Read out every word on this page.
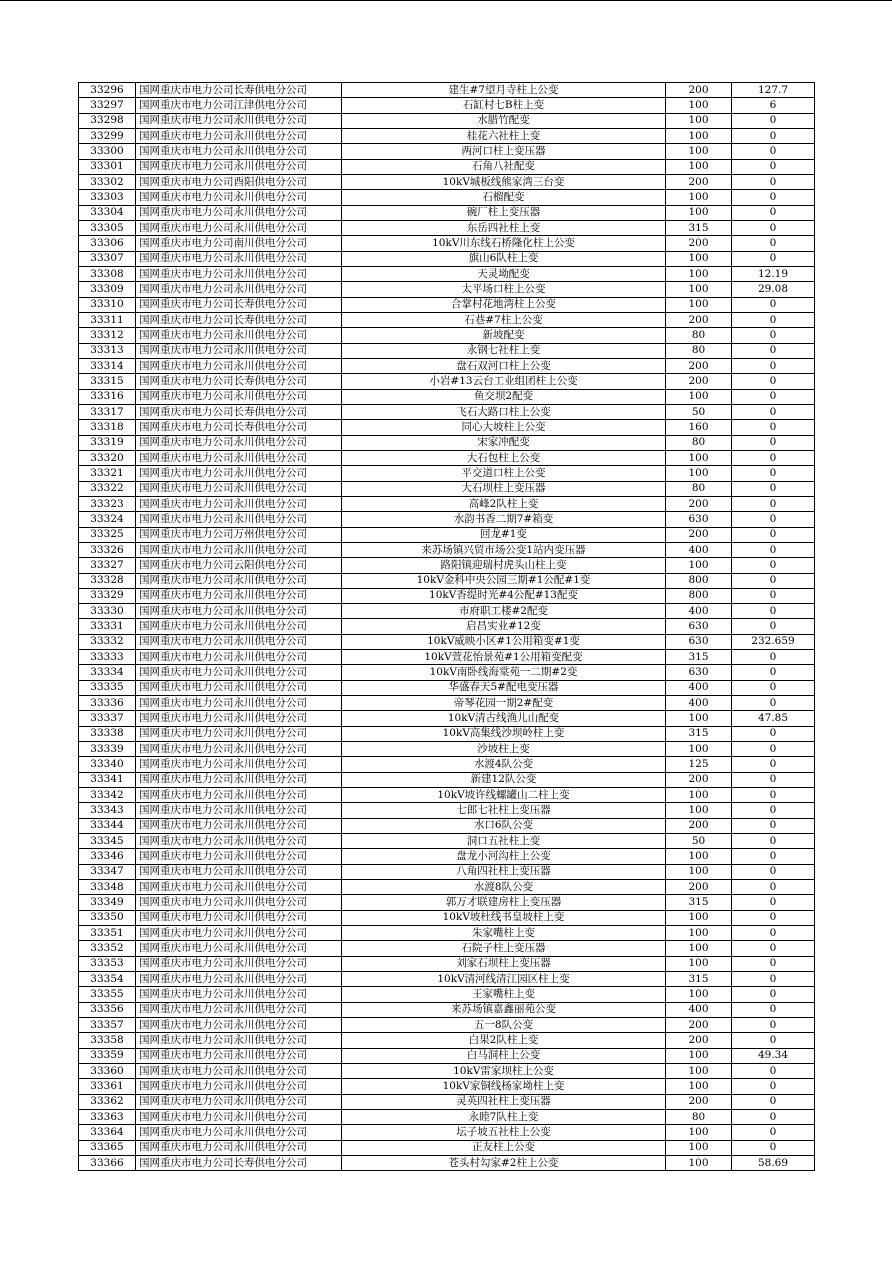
33296	国网重庆市电力公司长寿供电分公司	建生#7望月寺柱上公变	200	127.7
33297	国网重庆市电力公司江津供电分公司	石缸村七B柱上变	100	6
33298	国网重庆市电力公司永川供电分公司	水腊竹配变	100	0
33299	国网重庆市电力公司永川供电分公司	桂花六社柱上变	100	0
33300	国网重庆市电力公司永川供电分公司	两河口柱上变压器	100	0
33301	国网重庆市电力公司永川供电分公司	石角八社配变	100	0
33302	国网重庆市电力公司酉阳供电分公司	10kV城板线熊家湾三台变	200	0
33303	国网重庆市电力公司永川供电分公司	石榴配变	100	0
33304	国网重庆市电力公司永川供电分公司	碗厂柱上变压器	100	0
33305	国网重庆市电力公司永川供电分公司	东岳四社柱上变	315	0
33306	国网重庆市电力公司南川供电分公司	10kV川东线石桥隆化柱上公变	200	0
33307	国网重庆市电力公司永川供电分公司	旗山6队柱上变	100	0
33308	国网重庆市电力公司永川供电分公司	天灵坳配变	100	12.19
33309	国网重庆市电力公司永川供电分公司	太平场口柱上公变	100	29.08
33310	国网重庆市电力公司长寿供电分公司	合掌村花地湾柱上公变	100	0
33311	国网重庆市电力公司长寿供电分公司	石巷#7柱上公变	200	0
33312	国网重庆市电力公司永川供电分公司	新坡配变	80	0
33313	国网重庆市电力公司永川供电分公司	永钢七社柱上变	80	0
33314	国网重庆市电力公司永川供电分公司	盘石双河口柱上公变	200	0
33315	国网重庆市电力公司长寿供电分公司	小岩#13云台工业组团柱上公变	200	0
33316	国网重庆市电力公司永川供电分公司	鱼交坝2配变	100	0
33317	国网重庆市电力公司长寿供电分公司	飞石大路口柱上公变	50	0
33318	国网重庆市电力公司长寿供电分公司	同心大坡柱上公变	160	0
33319	国网重庆市电力公司永川供电分公司	宋家冲配变	80	0
33320	国网重庆市电力公司永川供电分公司	大石包柱上公变	100	0
33321	国网重庆市电力公司永川供电分公司	平交道口柱上公变	100	0
33322	国网重庆市电力公司永川供电分公司	大石坝柱上变压器	80	0
33323	国网重庆市电力公司永川供电分公司	高峰2队柱上变	200	0
33324	国网重庆市电力公司永川供电分公司	水韵书香二期7#箱变	630	0
33325	国网重庆市电力公司万州供电分公司	回龙#1变	200	0
33326	国网重庆市电力公司永川供电分公司	来苏场镇兴贸市场公变1站内变压器	400	0
33327	国网重庆市电力公司云阳供电分公司	路阳镇迎瑞村虎头山柱上变	100	0
33328	国网重庆市电力公司永川供电分公司	10kV金科中央公园三期#1公配#1变	800	0
33329	国网重庆市电力公司永川供电分公司	10kV香缇时光#4公配#13配变	800	0
33330	国网重庆市电力公司永川供电分公司	市府职工楼#2配变	400	0
33331	国网重庆市电力公司永川供电分公司	启昌实业#12变	630	0
33332	国网重庆市电力公司永川供电分公司	10kV威映小区#1公用箱变#1变	630	232.659
33333	国网重庆市电力公司永川供电分公司	10kV萱花怡景苑#1公用箱变配变	315	0
33334	国网重庆市电力公司永川供电分公司	10kV南卧线海棠苑一二期#2变	630	0
33335	国网重庆市电力公司永川供电分公司	华盛春天5#配电变压器	400	0
33336	国网重庆市电力公司永川供电分公司	帝琴花园一期2#配变	400	0
33337	国网重庆市电力公司永川供电分公司	10kV清古线渔儿山配变	100	47.85
33338	国网重庆市电力公司永川供电分公司	10kV高集线沙坝岭柱上变	315	0
33339	国网重庆市电力公司永川供电分公司	沙坡柱上变	100	0
33340	国网重庆市电力公司永川供电分公司	水渡4队公变	125	0
33341	国网重庆市电力公司永川供电分公司	新建12队公变	200	0
33342	国网重庆市电力公司永川供电分公司	10kV坡许线螺罐山二柱上变	100	0
33343	国网重庆市电力公司永川供电分公司	七郎七社柱上变压器	100	0
33344	国网重庆市电力公司永川供电分公司	水口6队公变	200	0
33345	国网重庆市电力公司永川供电分公司	洞口五社柱上变	50	0
33346	国网重庆市电力公司永川供电分公司	盘龙小河沟柱上公变	100	0
33347	国网重庆市电力公司永川供电分公司	八角四社柱上变压器	100	0
33348	国网重庆市电力公司永川供电分公司	水渡8队公变	200	0
33349	国网重庆市电力公司永川供电分公司	郭万才联建房柱上变压器	315	0
33350	国网重庆市电力公司永川供电分公司	10kV坡杜线书皇坡柱上变	100	0
33351	国网重庆市电力公司永川供电分公司	朱家嘴柱上变	100	0
33352	国网重庆市电力公司永川供电分公司	石院子柱上变压器	100	0
33353	国网重庆市电力公司永川供电分公司	刘家石坝柱上变压器	100	0
33354	国网重庆市电力公司永川供电分公司	10kV清河线清江园区柱上变	315	0
33355	国网重庆市电力公司永川供电分公司	王家嘴柱上变	100	0
33356	国网重庆市电力公司永川供电分公司	来苏场镇嘉鑫丽苑公变	400	0
33357	国网重庆市电力公司永川供电分公司	五一8队公变	200	0
33358	国网重庆市电力公司永川供电分公司	白果2队柱上变	200	0
33359	国网重庆市电力公司永川供电分公司	白马洞柱上公变	100	49.34
33360	国网重庆市电力公司永川供电分公司	10kV雷家坝柱上公变	100	0
33361	国网重庆市电力公司永川供电分公司	10kV家铜线杨家坳柱上变	100	0
33362	国网重庆市电力公司永川供电分公司	灵英四社柱上变压器	200	0
33363	国网重庆市电力公司永川供电分公司	永睦7队柱上变	80	0
33364	国网重庆市电力公司永川供电分公司	坛子坡五社柱上公变	100	0
33365	国网重庆市电力公司永川供电分公司	正友柱上公变	100	0
33366	国网重庆市电力公司长寿供电分公司	苍头村勾家#2柱上公变	100	58.69
